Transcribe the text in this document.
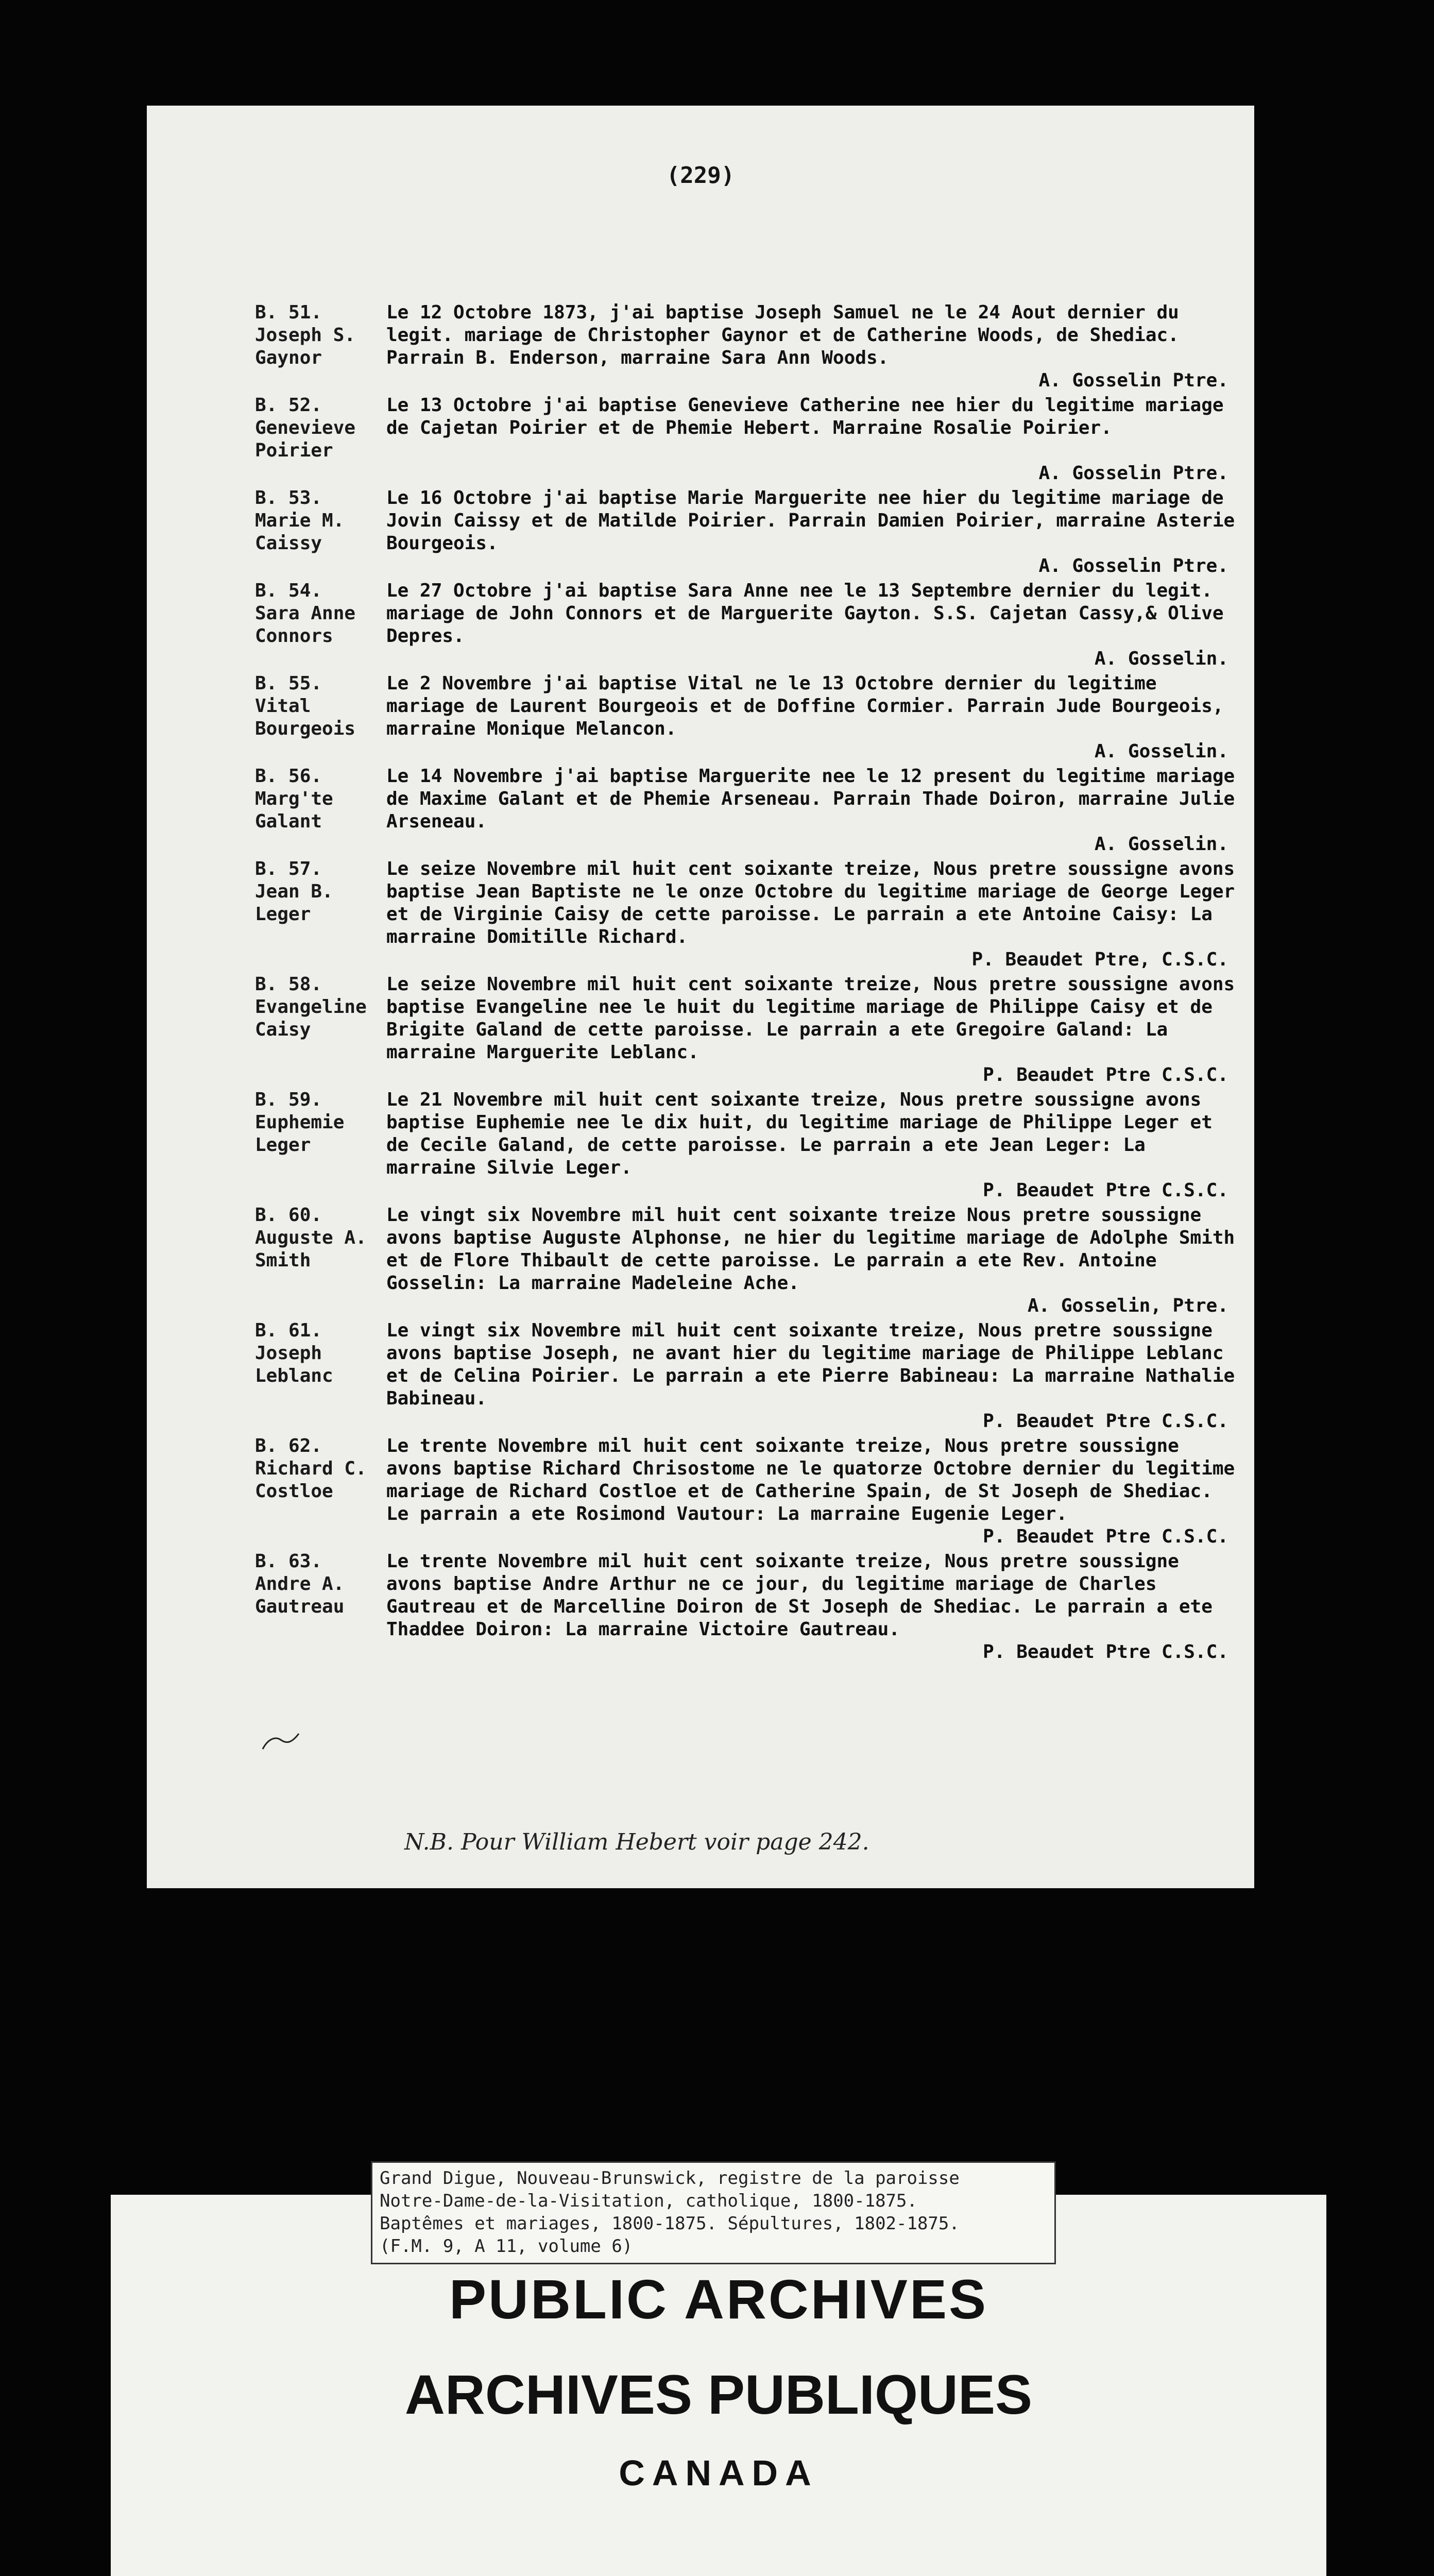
(229)
B. 51.
Joseph S.
Gaynor
Le 12 Octobre 1873, j'ai baptise Joseph Samuel ne le 24 Aout dernier du legit. mariage de Christopher Gaynor et de Catherine Woods, de Shediac. Parrain B. Enderson, marraine Sara Ann Woods.
A. Gosselin Ptre.
B. 52.
Genevieve
Poirier
Le 13 Octobre j'ai baptise Genevieve Catherine nee hier du legitime mariage de Cajetan Poirier et de Phemie Hebert. Marraine Rosalie Poirier.
A. Gosselin Ptre.
B. 53.
Marie M.
Caissy
Le 16 Octobre j'ai baptise Marie Marguerite nee hier du legitime mariage de Jovin Caissy et de Matilde Poirier. Parrain Damien Poirier, marraine Asterie Bourgeois.
A. Gosselin Ptre.
B. 54.
Sara Anne
Connors
Le 27 Octobre j'ai baptise Sara Anne nee le 13 Septembre dernier du legit. mariage de John Connors et de Marguerite Gayton. S.S. Cajetan Cassy,& Olive Depres.
A. Gosselin.
B. 55.
Vital
Bourgeois
Le 2 Novembre j'ai baptise Vital ne le 13 Octobre dernier du legitime mariage de Laurent Bourgeois et de Doffine Cormier. Parrain Jude Bourgeois, marraine Monique Melancon.
A. Gosselin.
B. 56.
Marg'te
Galant
Le 14 Novembre j'ai baptise Marguerite nee le 12 present du legitime mariage de Maxime Galant et de Phemie Arseneau. Parrain Thade Doiron, marraine Julie Arseneau.
A. Gosselin.
B. 57.
Jean B.
Leger
Le seize Novembre mil huit cent soixante treize, Nous pretre soussigne avons baptise Jean Baptiste ne le onze Octobre du legitime mariage de George Leger et de Virginie Caisy de cette paroisse. Le parrain a ete Antoine Caisy: La marraine Domitille Richard.
P. Beaudet Ptre, C.S.C.
B. 58.
Evangeline
Caisy
Le seize Novembre mil huit cent soixante treize, Nous pretre soussigne avons baptise Evangeline nee le huit du legitime mariage de Philippe Caisy et de Brigite Galand de cette paroisse. Le parrain a ete Gregoire Galand: La marraine Marguerite Leblanc.
P. Beaudet Ptre C.S.C.
B. 59.
Euphemie
Leger
Le 21 Novembre mil huit cent soixante treize, Nous pretre soussigne avons baptise Euphemie nee le dix huit, du legitime mariage de Philippe Leger et de Cecile Galand, de cette paroisse. Le parrain a ete Jean Leger: La marraine Silvie Leger.
P. Beaudet Ptre C.S.C.
B. 60.
Auguste A.
Smith
Le vingt six Novembre mil huit cent soixante treize Nous pretre soussigne avons baptise Auguste Alphonse, ne hier du legitime mariage de Adolphe Smith et de Flore Thibault de cette paroisse. Le parrain a ete Rev. Antoine Gosselin: La marraine Madeleine Ache.
A. Gosselin, Ptre.
B. 61.
Joseph
Leblanc
Le vingt six Novembre mil huit cent soixante treize, Nous pretre soussigne avons baptise Joseph, ne avant hier du legitime mariage de Philippe Leblanc et de Celina Poirier. Le parrain a ete Pierre Babineau: La marraine Nathalie Babineau.
P. Beaudet Ptre C.S.C.
B. 62.
Richard C.
Costloe
Le trente Novembre mil huit cent soixante treize, Nous pretre soussigne avons baptise Richard Chrisostome ne le quatorze Octobre dernier du legitime mariage de Richard Costloe et de Catherine Spain, de St Joseph de Shediac. Le parrain a ete Rosimond Vautour: La marraine Eugenie Leger.
P. Beaudet Ptre C.S.C.
B. 63.
Andre A.
Gautreau
Le trente Novembre mil huit cent soixante treize, Nous pretre soussigne avons baptise Andre Arthur ne ce jour, du legitime mariage de Charles Gautreau et de Marcelline Doiron de St Joseph de Shediac. Le parrain a ete Thaddee Doiron: La marraine Victoire Gautreau.
P. Beaudet Ptre C.S.C.
N.B. Pour William Hebert voir page 242.
Grand Digue, Nouveau-Brunswick, registre de la paroisse
Notre-Dame-de-la-Visitation, catholique, 1800-1875.
Baptêmes et mariages, 1800-1875. Sépultures, 1802-1875.
(F.M. 9, A 11, volume 6)
PUBLIC ARCHIVES
ARCHIVES PUBLIQUES
CANADA
